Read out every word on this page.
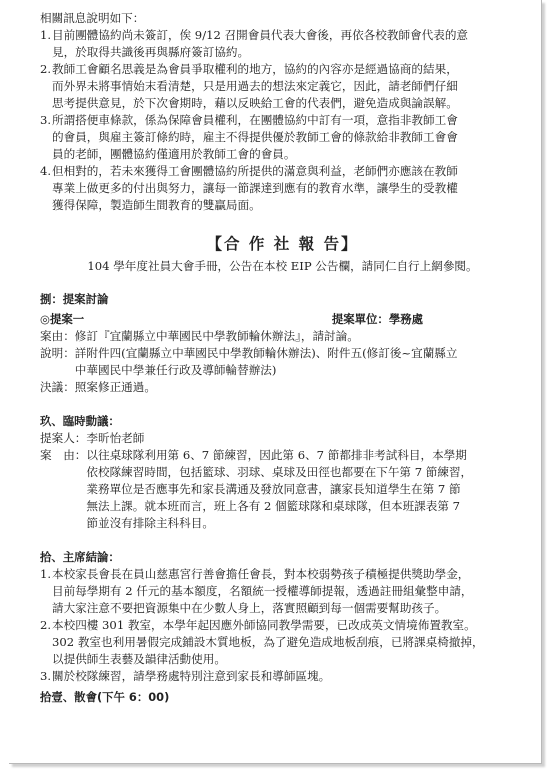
相關訊息說明如下：

1. 目前團體協約尚未簽訂，俟 9/12 召開會員代表大會後，再依各校教師會代表的意
見，於取得共識後再與縣府簽訂協約。
2. 教師工會顧名思義是為會員爭取權利的地方，協約的內容亦是經過協商的結果，
而外界未將事情始末看清楚，只是用過去的想法來定義它，因此，請老師們仔細
思考提供意見，於下次會期時，藉以反映給工會的代表們，避免造成與論誤解。
3. 所謂搭便車條款，係為保障會員權利，在團體協約中訂有一項，意指非教師工會
的會員，與雇主簽訂條約時，雇主不得提供優於教師工會的條款給非教師工會會
員的老師，團體協約僅適用於教師工會的會員。
4. 但相對的，若未來獲得工會團體協約所提供的滿意與利益，老師們亦應該在教師
專業上做更多的付出與努力，讓每一節課達到應有的教育水準，讓學生的受教權
獲得保障，製造師生間教育的雙贏局面。

【合 作 社 報 告】

104 學年度社員大會手冊，公告在本校 EIP 公告欄，請同仁自行上網參閱。

捌：提案討論

◎提案一	提案單位：學務處
案由： 修訂『宜蘭縣立中華國民中學教師輪休辦法』，請討論。
說明： 詳附件四(宜蘭縣立中華國民中學教師輪休辦法)、附件五(修訂後~宜蘭縣立
中華國民中學兼任行政及導師輪替辦法)

決議：照案修正通過。

玖、臨時動議：

提案人：李昕怡老師

案　由： 以往桌球隊利用第 6、7 節練習，因此第 6、7 節都排非考試科目，本學期
依校隊練習時間，包括籃球、羽球、桌球及田徑也都要在下午第 7 節練習，
業務單位是否應事先和家長溝通及發放同意書，讓家長知道學生在第 7 節
無法上課。就本班而言，班上各有 2 個籃球隊和桌球隊，但本班課表第 7
節並沒有排除主科科目。

拾、主席結論：

1. 本校家長會長在員山慈惠宮行善會擔任會長，對本校弱勢孩子積極提供獎助學金，
目前每學期有 2 仟元的基本額度，名額統一授權導師提報，透過註冊組彙整申請，
請大家注意不要把資源集中在少數人身上，落實照顧到每一個需要幫助孩子。
2. 本校四樓 301 教室，本學年起因應外師協同教學需要，已改成英文情境佈置教室。
302 教室也利用暑假完成鋪設木質地板，為了避免造成地板刮痕，已將課桌椅撤掉，
以提供師生表藝及韻律活動使用。
3. 關於校隊練習，請學務處特別注意到家長和導師區塊。

拾壹、散會(下午 6：00)
